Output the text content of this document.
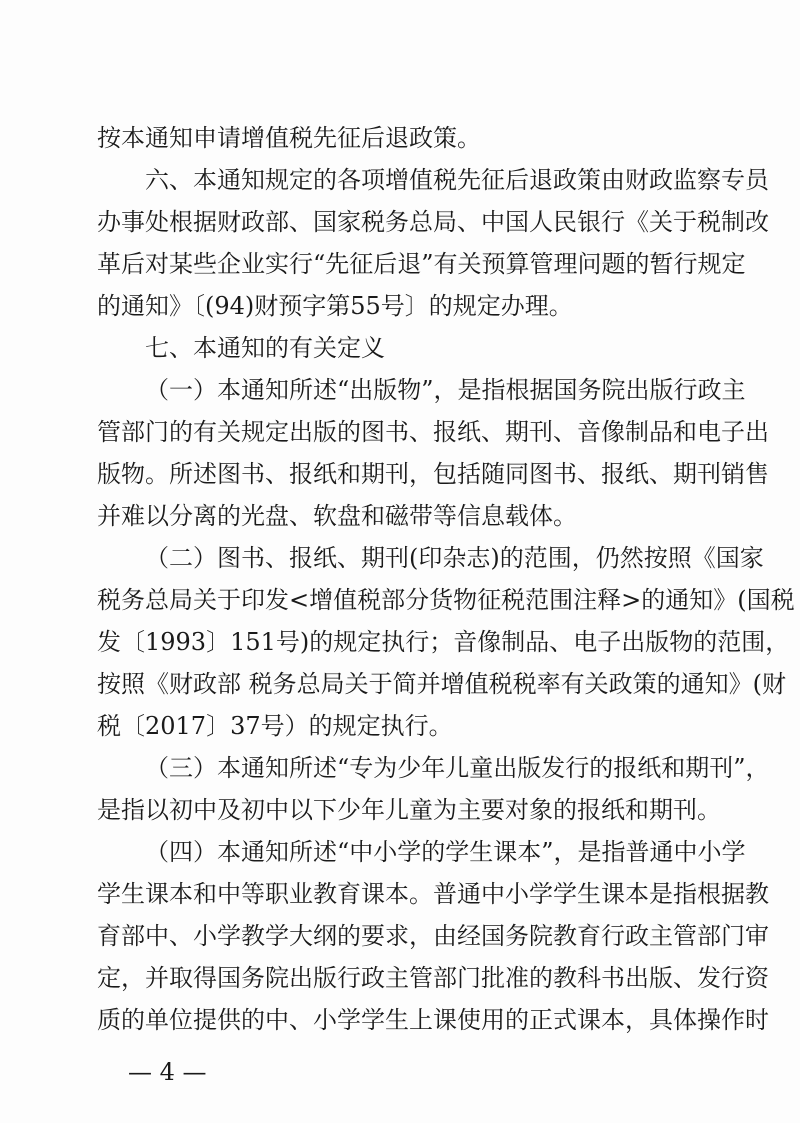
按本通知申请增值税先征后退政策。
六、本通知规定的各项增值税先征后退政策由财政监察专员
办事处根据财政部、国家税务总局、中国人民银行《关于税制改
革后对某些企业实行“先征后退”有关预算管理问题的暂行规定
的通知》〔(94)财预字第55号〕的规定办理。
七、本通知的有关定义
（一）本通知所述“出版物”，是指根据国务院出版行政主
管部门的有关规定出版的图书、报纸、期刊、音像制品和电子出
版物。所述图书、报纸和期刊，包括随同图书、报纸、期刊销售
并难以分离的光盘、软盘和磁带等信息载体。
（二）图书、报纸、期刊(印杂志)的范围，仍然按照《国家
税务总局关于印发<增值税部分货物征税范围注释>的通知》(国税
发〔1993〕151号)的规定执行；音像制品、电子出版物的范围，
按照《财政部 税务总局关于简并增值税税率有关政策的通知》(财
税〔2017〕37号）的规定执行。
（三）本通知所述“专为少年儿童出版发行的报纸和期刊”，
是指以初中及初中以下少年儿童为主要对象的报纸和期刊。
（四）本通知所述“中小学的学生课本”，是指普通中小学
学生课本和中等职业教育课本。普通中小学学生课本是指根据教
育部中、小学教学大纲的要求，由经国务院教育行政主管部门审
定，并取得国务院出版行政主管部门批准的教科书出版、发行资
质的单位提供的中、小学学生上课使用的正式课本，具体操作时
— 4 —
